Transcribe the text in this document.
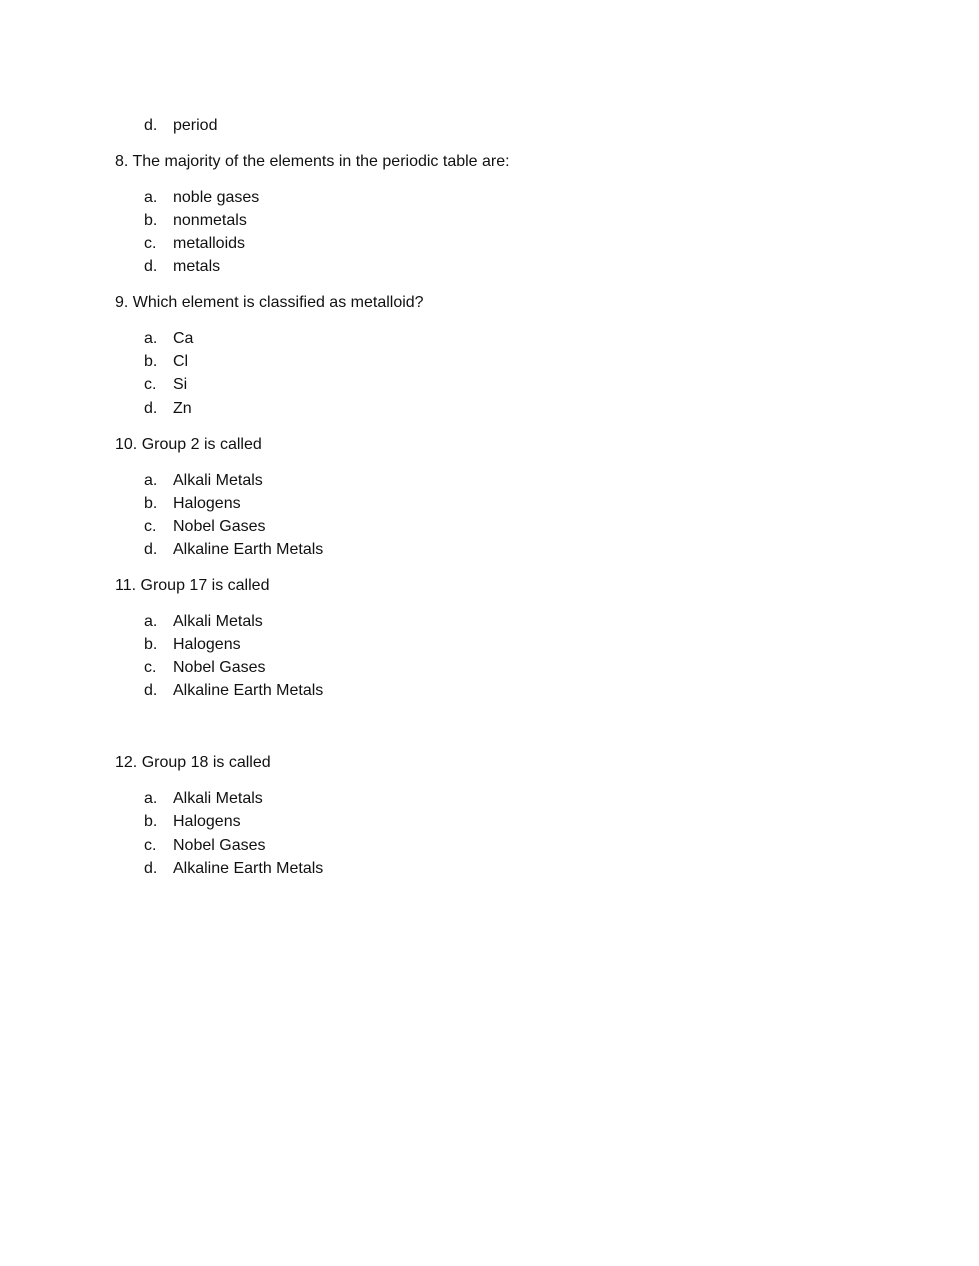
d. period
8. The majority of the elements in the periodic table are:
a. noble gases
b. nonmetals
c. metalloids
d. metals
9. Which element is classified as metalloid?
a. Ca
b. Cl
c. Si
d. Zn
10. Group 2 is called
a. Alkali Metals
b. Halogens
c. Nobel Gases
d. Alkaline Earth Metals
11. Group 17 is called
a. Alkali Metals
b. Halogens
c. Nobel Gases
d. Alkaline Earth Metals
12. Group 18 is called
a. Alkali Metals
b. Halogens
c. Nobel Gases
d. Alkaline Earth Metals
